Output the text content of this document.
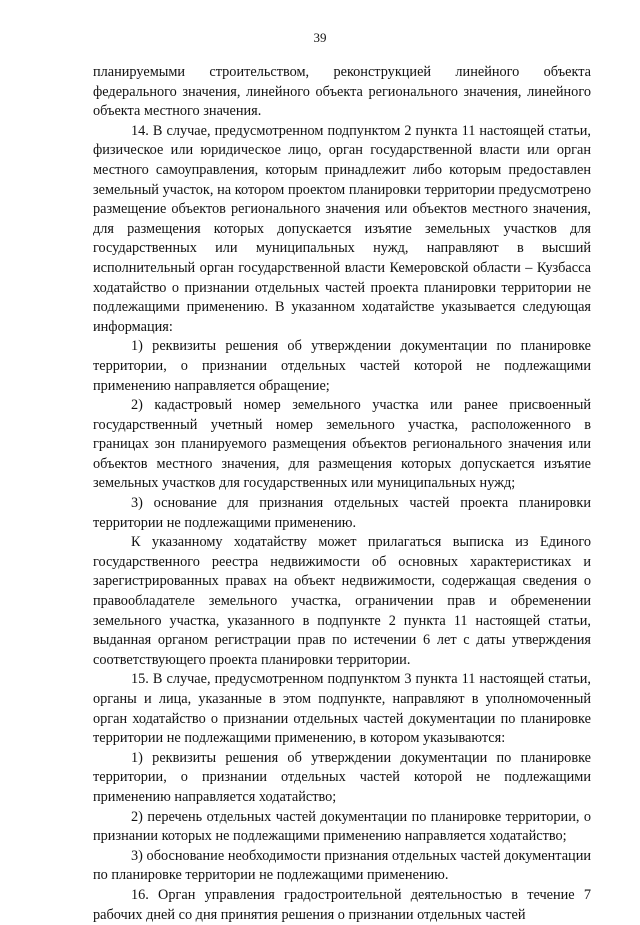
39

планируемыми строительством, реконструкцией линейного объекта федерального значения, линейного объекта регионального значения, линейного объекта местного значения.

14. В случае, предусмотренном подпунктом 2 пункта 11 настоящей статьи, физическое или юридическое лицо, орган государственной власти или орган местного самоуправления, которым принадлежит либо которым предоставлен земельный участок, на котором проектом планировки территории предусмотрено размещение объектов регионального значения или объектов местного значения, для размещения которых допускается изъятие земельных участков для государственных или муниципальных нужд, направляют в высший исполнительный орган государственной власти Кемеровской области – Кузбасса ходатайство о признании отдельных частей проекта планировки территории не подлежащими применению. В указанном ходатайстве указывается следующая информация:

1) реквизиты решения об утверждении документации по планировке территории, о признании отдельных частей которой не подлежащими применению направляется обращение;

2) кадастровый номер земельного участка или ранее присвоенный государственный учетный номер земельного участка, расположенного в границах зон планируемого размещения объектов регионального значения или объектов местного значения, для размещения которых допускается изъятие земельных участков для государственных или муниципальных нужд;

3) основание для признания отдельных частей проекта планировки территории не подлежащими применению.

К указанному ходатайству может прилагаться выписка из Единого государственного реестра недвижимости об основных характеристиках и зарегистрированных правах на объект недвижимости, содержащая сведения о правообладателе земельного участка, ограничении прав и обременении земельного участка, указанного в подпункте 2 пункта 11 настоящей статьи, выданная органом регистрации прав по истечении 6 лет с даты утверждения соответствующего проекта планировки территории.

15. В случае, предусмотренном подпунктом 3 пункта 11 настоящей статьи, органы и лица, указанные в этом подпункте, направляют в уполномоченный орган ходатайство о признании отдельных частей документации по планировке территории не подлежащими применению, в котором указываются:

1) реквизиты решения об утверждении документации по планировке территории, о признании отдельных частей которой не подлежащими применению направляется ходатайство;

2) перечень отдельных частей документации по планировке территории, о признании которых не подлежащими применению направляется ходатайство;

3) обоснование необходимости признания отдельных частей документации по планировке территории не подлежащими применению.

16. Орган управления градостроительной деятельностью в течение 7 рабочих дней со дня принятия решения о признании отдельных частей
